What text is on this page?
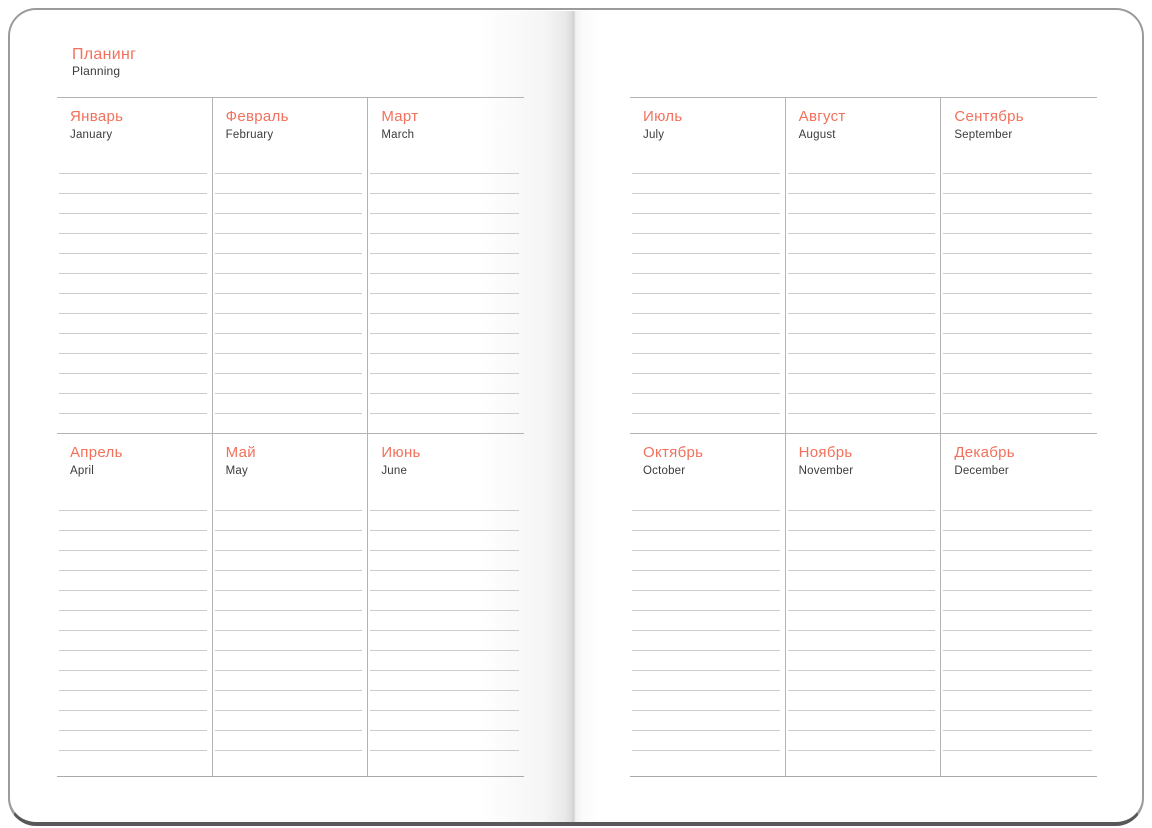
Планинг
Planning
Январь
January
Февраль
February
Март
March
Апрель
April
Май
May
Июнь
June
Июль
July
Август
August
Сентябрь
September
Октябрь
October
Ноябрь
November
Декабрь
December
